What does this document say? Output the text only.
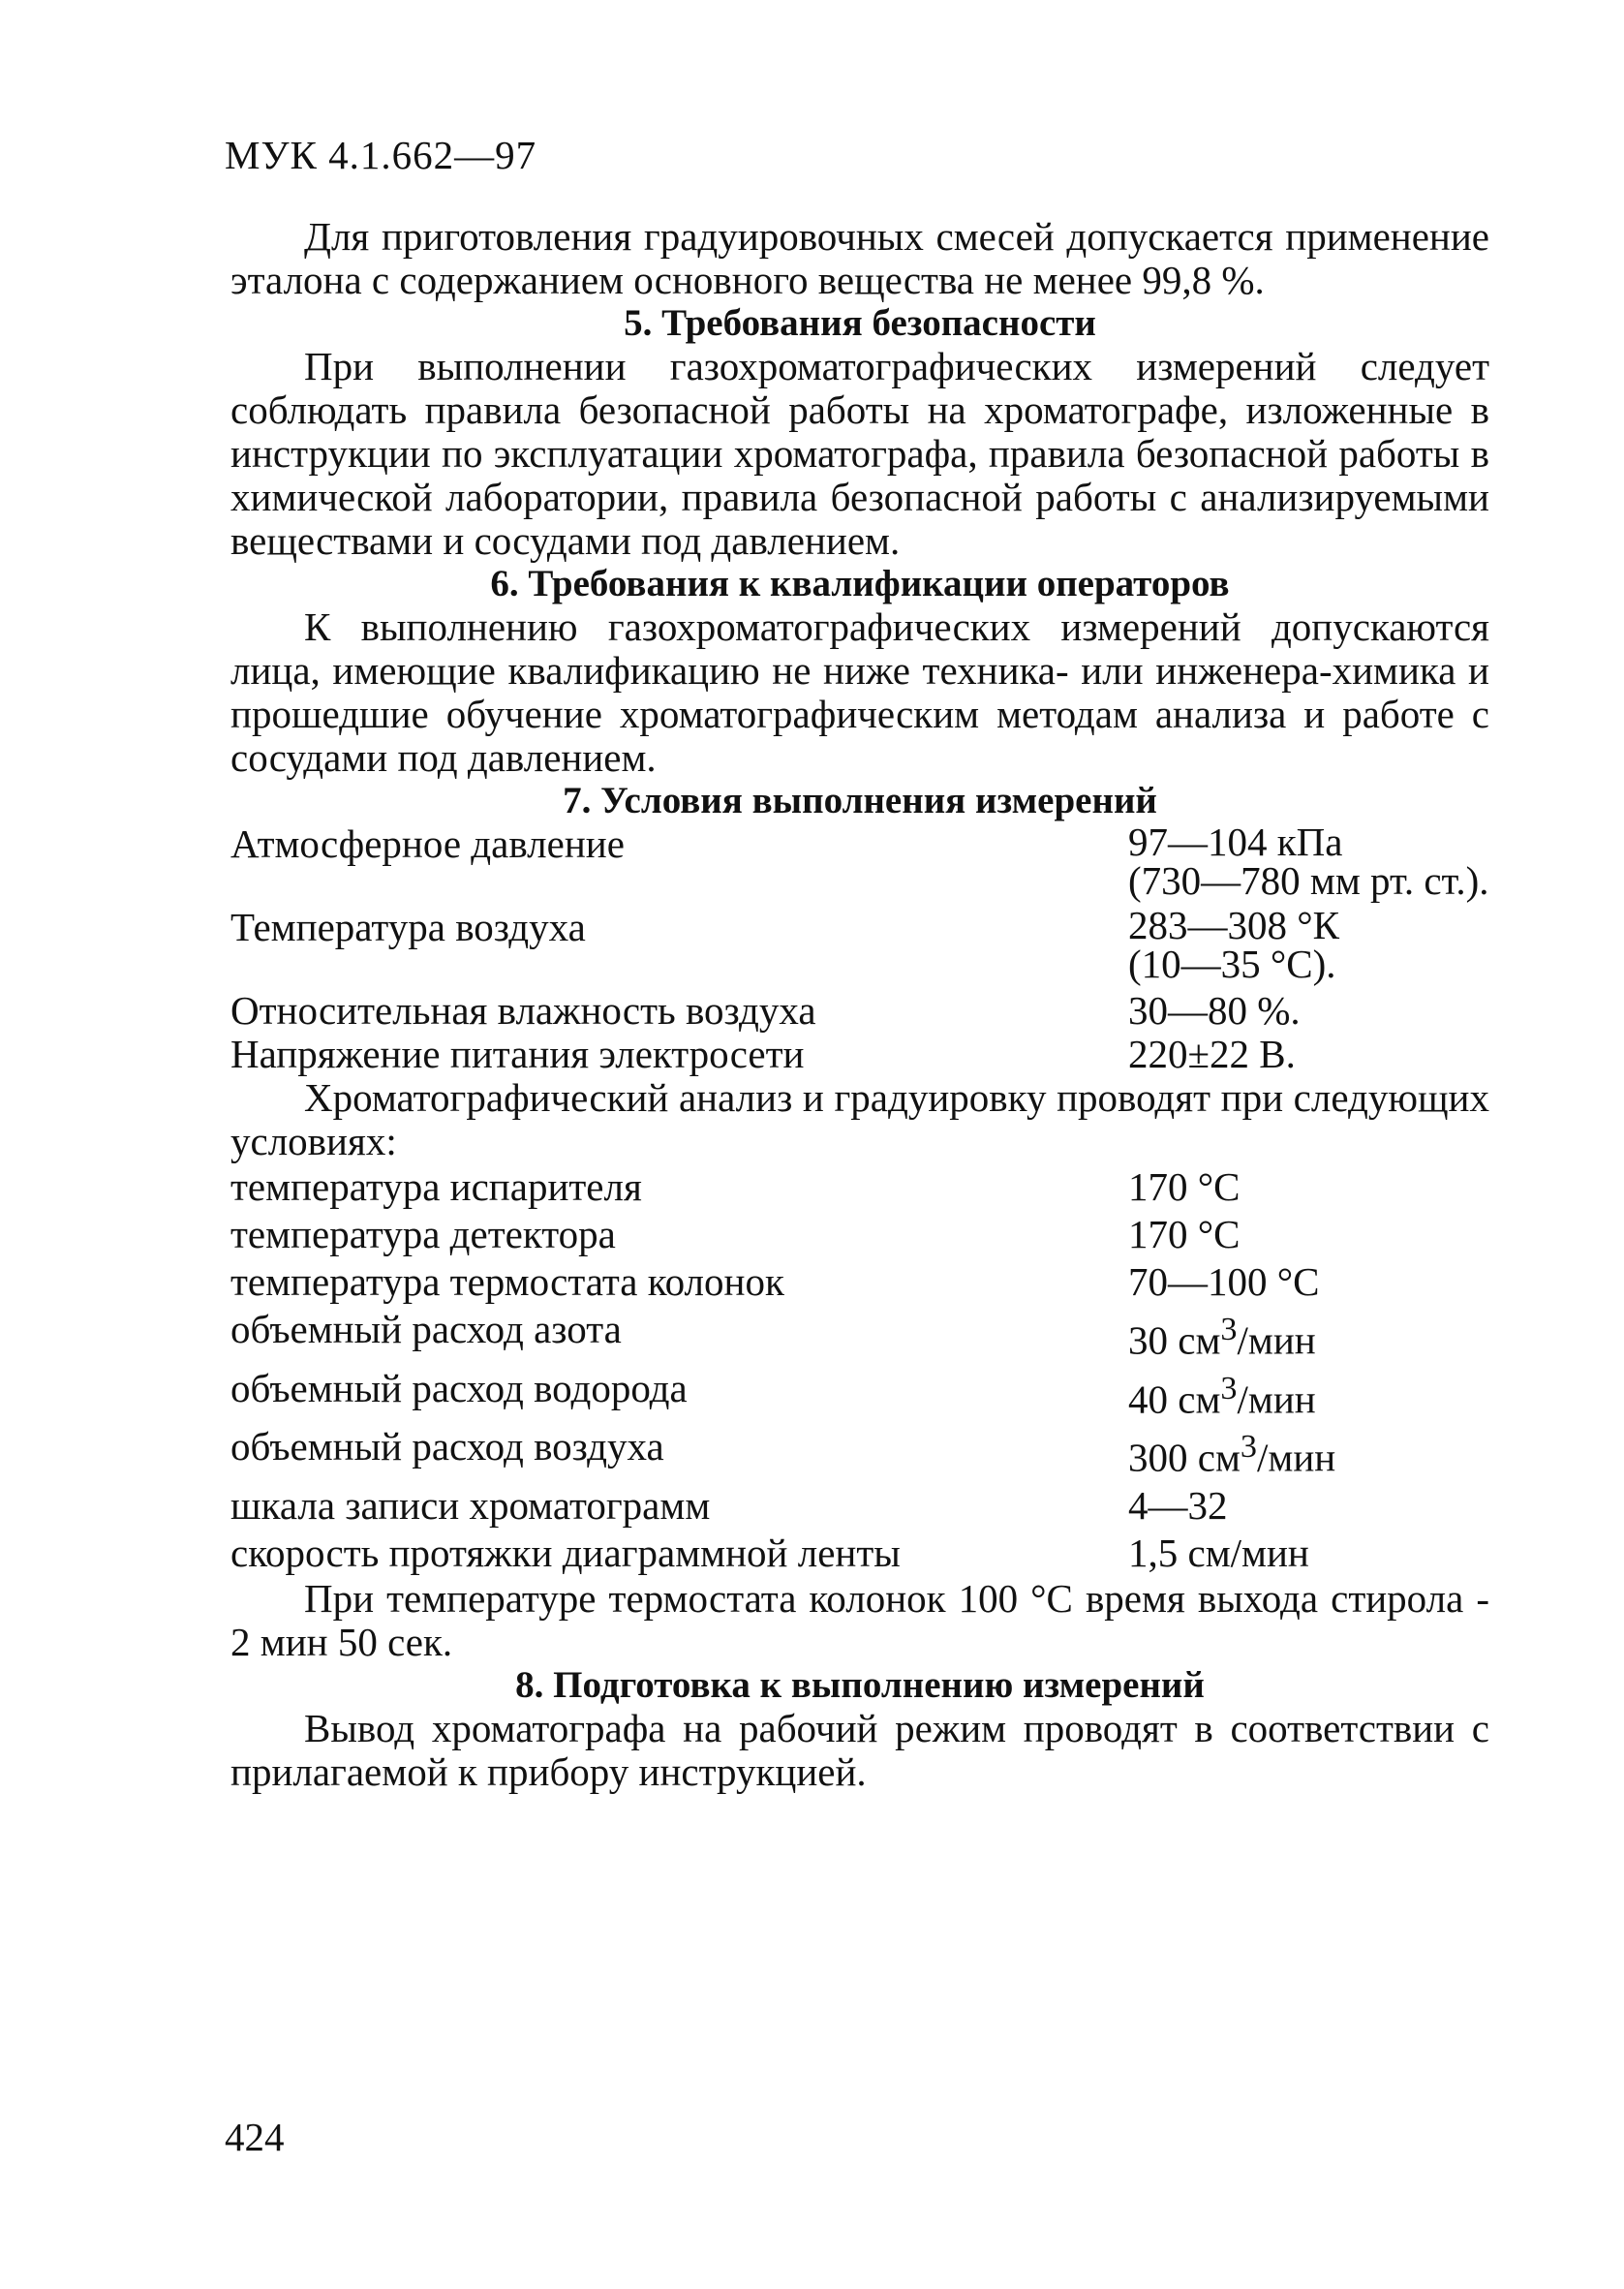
МУК 4.1.662—97

Для приготовления градуировочных смесей допускается применение эталона с содержанием основного вещества не менее 99,8 %.

5. Требования безопасности

При выполнении газохроматографических измерений следует соблюдать правила безопасной работы на хроматографе, изложенные в инструкции по эксплуатации хроматографа, правила безопасной работы в химической лаборатории, правила безопасной работы с анализируемыми веществами и сосудами под давлением.

6. Требования к квалификации операторов

К выполнению газохроматографических измерений допускаются лица, имеющие квалификацию не ниже техника- или инженера-химика и прошедшие обучение хроматографическим методам анализа и работе с сосудами под давлением.

7. Условия выполнения измерений
Атмосферное давление	97—104 кПа
(730—780 мм рт. ст.).
Температура воздуха	283—308 °К
(10—35 °С).
Относительная влажность воздуха	30—80 %.
Напряжение питания электросети	220±22 В.

Хроматографический анализ и градуировку проводят при следующих условиях:

температура испарителя	170 °С
температура детектора	170 °С
температура термостата колонок	70—100 °С
объемный расход азота	30 $см^3$/мин
объемный расход водорода	40 $см^3$/мин
объемный расход воздуха	300 $см^3$/мин
шкала записи хроматограмм	4—32
скорость протяжки диаграммной ленты	1,5 см/мин

При температуре термостата колонок 100 °С время выхода стирола - 2 мин 50 сек.

8. Подготовка к выполнению измерений

Вывод хроматографа на рабочий режим проводят в соответствии с прилагаемой к прибору инструкцией.

424
